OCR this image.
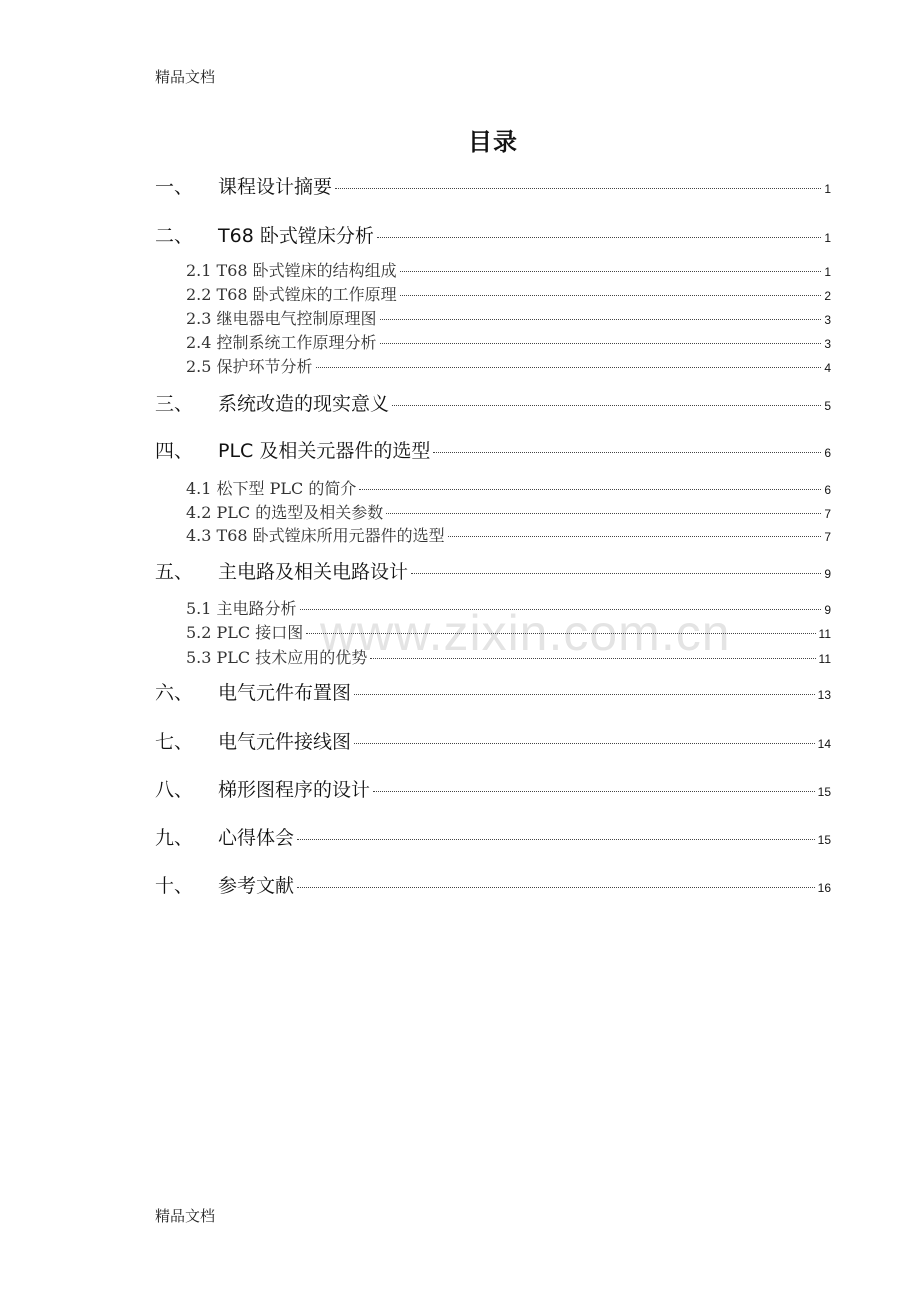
精品文档
目录
www.zixin.com.cn
一、	课程设计摘要	1
二、	T68 卧式镗床分析	1
2.1 T68 卧式镗床的结构组成	1
2.2 T68 卧式镗床的工作原理	2
2.3 继电器电气控制原理图	3
2.4 控制系统工作原理分析	3
2.5 保护环节分析	4
三、	系统改造的现实意义	5
四、	PLC 及相关元器件的选型	6
4.1 松下型 PLC 的简介	6
4.2 PLC 的选型及相关参数	7
4.3 T68 卧式镗床所用元器件的选型	7
五、	主电路及相关电路设计	9
5.1 主电路分析	9
5.2 PLC 接口图	11
5.3 PLC 技术应用的优势	11
六、	电气元件布置图	13
七、	电气元件接线图	14
八、	梯形图程序的设计	15
九、	心得体会	15
十、	参考文献	16
精品文档
